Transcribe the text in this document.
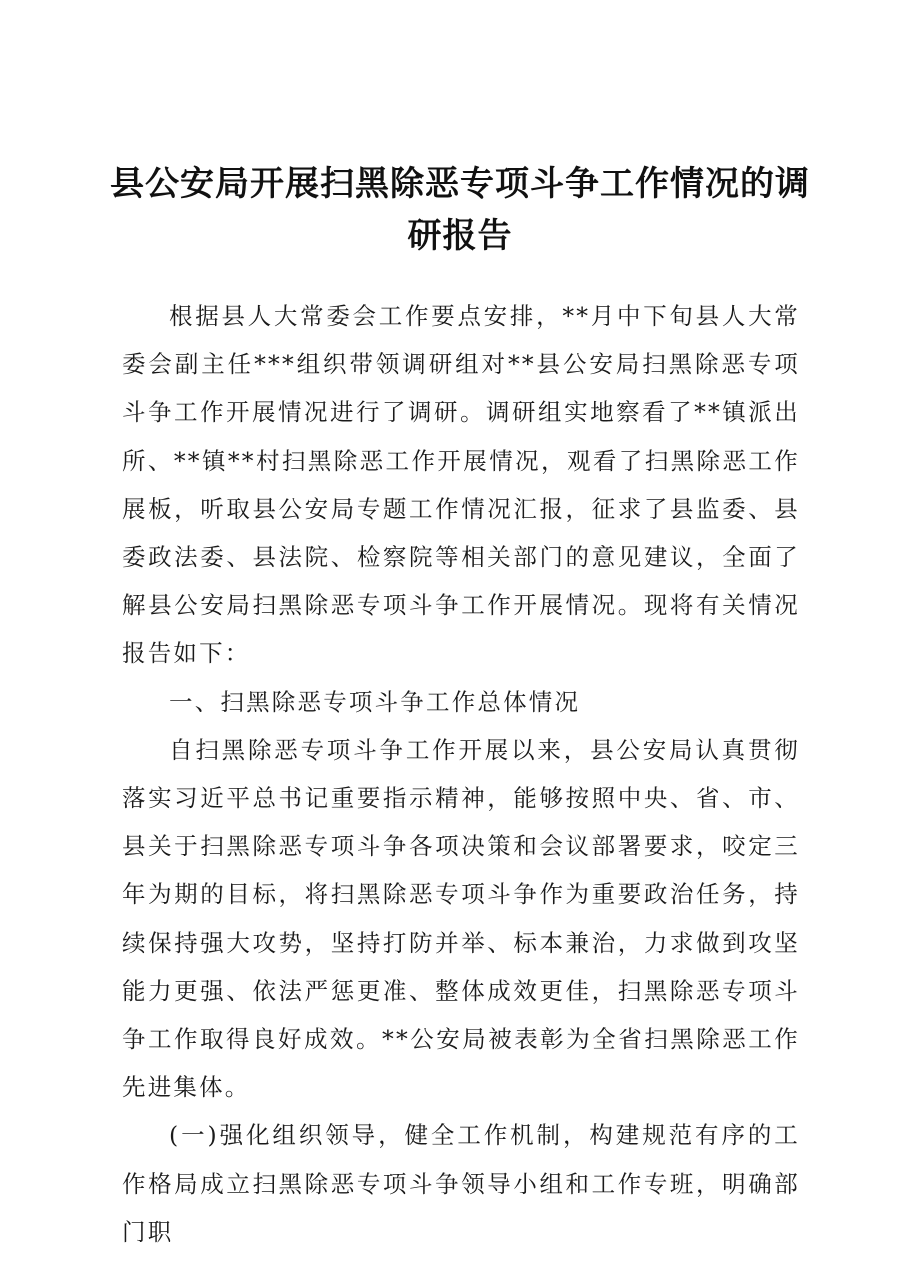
县公安局开展扫黑除恶专项斗争工作情况的调研报告

根据县人大常委会工作要点安排，**月中下旬县人大常委会副主任***组织带领调研组对**县公安局扫黑除恶专项斗争工作开展情况进行了调研。调研组实地察看了**镇派出所、**镇**村扫黑除恶工作开展情况，观看了扫黑除恶工作展板，听取县公安局专题工作情况汇报，征求了县监委、县委政法委、县法院、检察院等相关部门的意见建议，全面了解县公安局扫黑除恶专项斗争工作开展情况。现将有关情况报告如下：

一、扫黑除恶专项斗争工作总体情况

自扫黑除恶专项斗争工作开展以来，县公安局认真贯彻落实习近平总书记重要指示精神，能够按照中央、省、市、县关于扫黑除恶专项斗争各项决策和会议部署要求，咬定三年为期的目标，将扫黑除恶专项斗争作为重要政治任务，持续保持强大攻势，坚持打防并举、标本兼治，力求做到攻坚能力更强、依法严惩更准、整体成效更佳，扫黑除恶专项斗争工作取得良好成效。**公安局被表彰为全省扫黑除恶工作先进集体。

(一)强化组织领导，健全工作机制，构建规范有序的工作格局成立扫黑除恶专项斗争领导小组和工作专班，明确部门职
